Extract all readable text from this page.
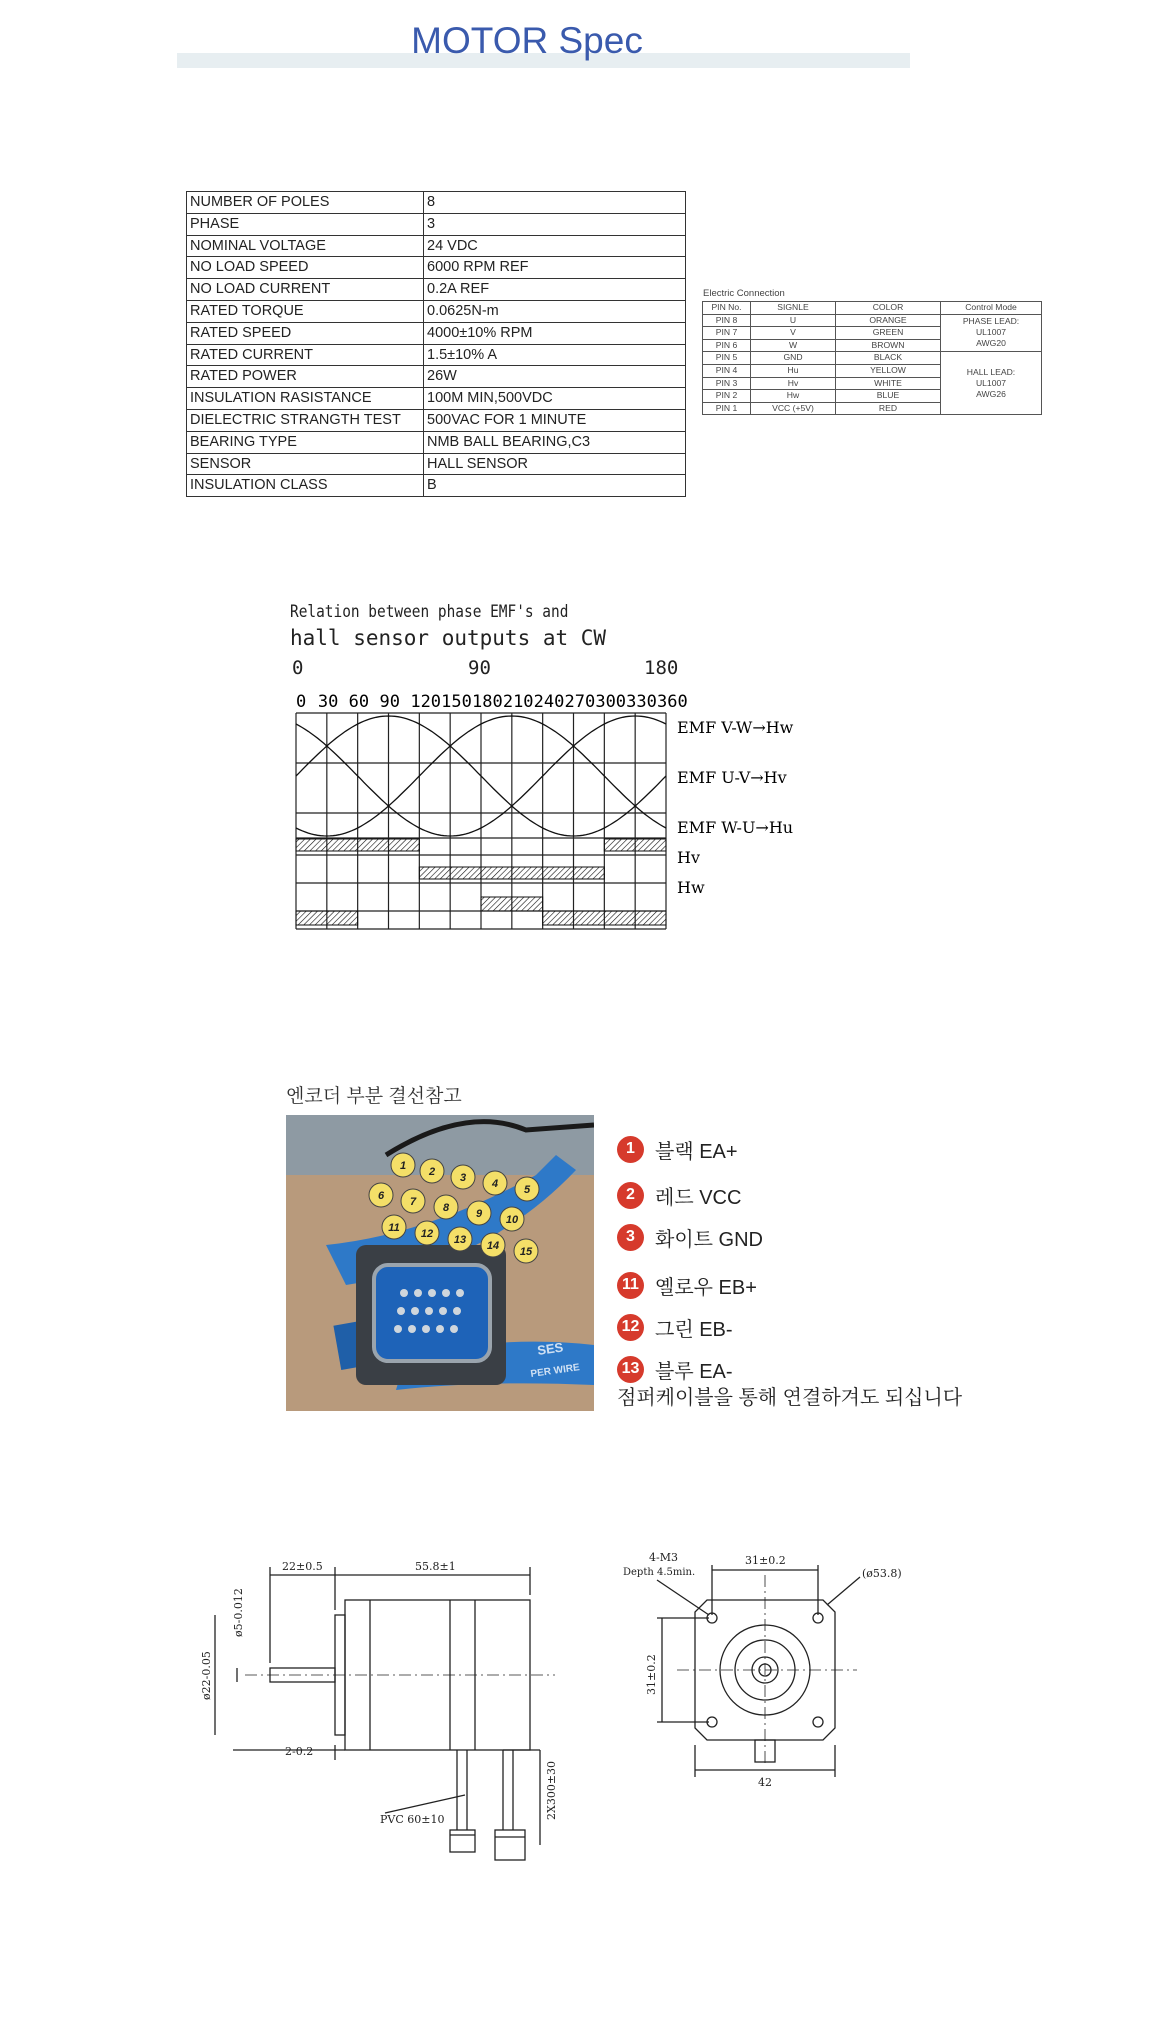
MOTOR Spec
NUMBER OF POLES	8
PHASE	3
NOMINAL VOLTAGE	24 VDC
NO LOAD SPEED	6000 RPM REF
NO LOAD CURRENT	0.2A REF
RATED TORQUE	0.0625N-m
RATED SPEED	4000±10% RPM
RATED CURRENT	1.5±10% A
RATED POWER	26W
INSULATION RASISTANCE	100M MIN,500VDC
DIELECTRIC STRANGTH TEST	500VAC FOR 1 MINUTE
BEARING TYPE	NMB BALL BEARING,C3
SENSOR	HALL SENSOR
INSULATION CLASS	B
Electric Connection
PIN No.	SIGNLE	COLOR	Control Mode
PIN 8	U	ORANGE	PHASE LEAD:
UL1007
AWG20

PIN 7	V	GREEN	
PIN 6	W	BROWN	
PIN 5	GND	BLACK	HALL LEAD:
UL1007
AWG26

PIN 4	Hu	YELLOW	
PIN 3	Hv	WHITE	
PIN 2	Hw	BLUE	
PIN 1	VCC (+5V)	RED	
Relation between phase EMF's and
hall sensor outputs at CW
0	90	180
0 30 60 90 120 150 180 210 240 270 300 330 360
EMF V-W→Hw
EMF U-V→Hv
EMF W-U→Hu
Hv
Hw
엔코더 부분 결선참고
SES
PER WIRE
1 2 3 4 5
6 7 8 9 10
11 12 13 14 15
1	블랙 EA+
2	레드 VCC
3	화이트 GND
11 옐로우 EB+
12 그린 EB-
13 블루 EA-
점퍼케이블을 통해 연결하겨도 되십니다
22±0.5	55.8±1
ø5-0.012
ø22-0.05
2-0.2
PVC 60±10	2X300±30
4-M3
Depth 4.5min.
31±0.2
(ø53.8)
31±0.2
42
